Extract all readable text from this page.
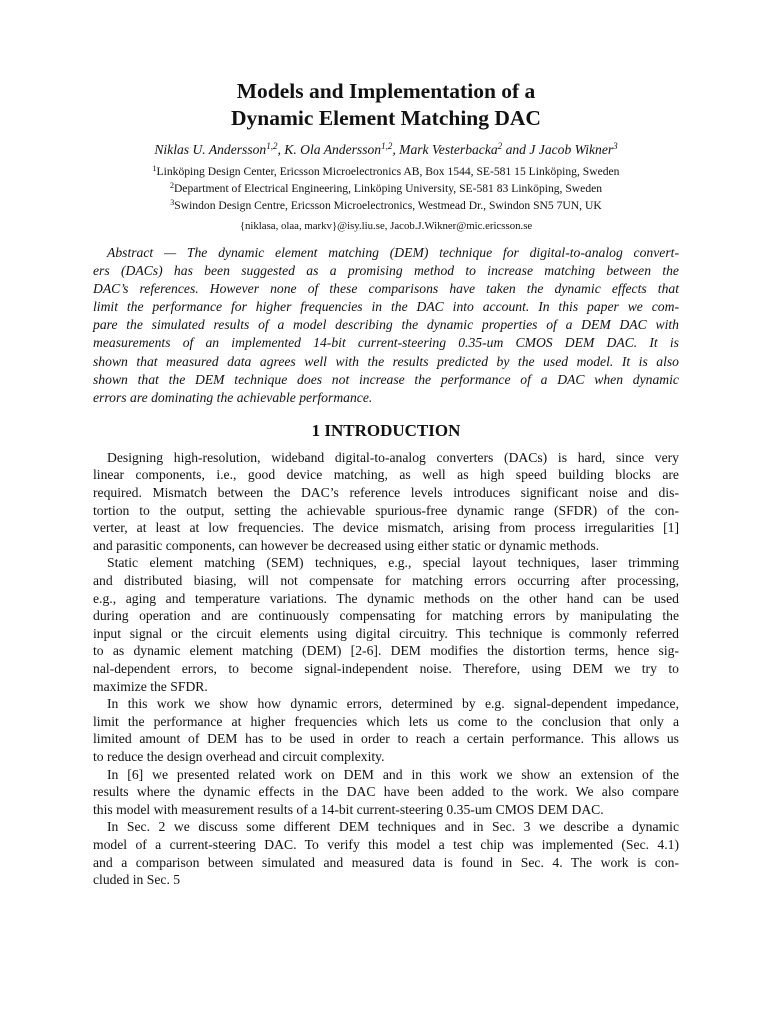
Models and Implementation of a
Dynamic Element Matching DAC
Niklas U. Andersson$^{1,2}$, K. Ola Andersson$^{1,2}$, Mark Vesterbacka$^2$ and J Jacob Wikner$^3$
$^1$Linköping Design Center, Ericsson Microelectronics AB, Box 1544, SE-581 15 Linköping, Sweden
$^2$Department of Electrical Engineering, Linköping University, SE-581 83 Linköping, Sweden
$^3$Swindon Design Centre, Ericsson Microelectronics, Westmead Dr., Swindon SN5 7UN, UK
{niklasa, olaa, markv}@isy.liu.se, Jacob.J.Wikner@mic.ericsson.se
Abstract — The dynamic element matching (DEM) technique for digital-to-analog convert-
ers (DACs) has been suggested as a promising method to increase matching between the
DAC’s references. However none of these comparisons have taken the dynamic effects that
limit the performance for higher frequencies in the DAC into account. In this paper we com-
pare the simulated results of a model describing the dynamic properties of a DEM DAC with
measurements of an implemented 14-bit current-steering 0.35-um CMOS DEM DAC. It is
shown that measured data agrees well with the results predicted by the used model. It is also
shown that the DEM technique does not increase the performance of a DAC when dynamic
errors are dominating the achievable performance.
1 INTRODUCTION
Designing high-resolution, wideband digital-to-analog converters (DACs) is hard, since very
linear components, i.e., good device matching, as well as high speed building blocks are
required. Mismatch between the DAC’s reference levels introduces significant noise and dis-
tortion to the output, setting the achievable spurious-free dynamic range (SFDR) of the con-
verter, at least at low frequencies. The device mismatch, arising from process irregularities [1]
and parasitic components, can however be decreased using either static or dynamic methods.
Static element matching (SEM) techniques, e.g., special layout techniques, laser trimming
and distributed biasing, will not compensate for matching errors occurring after processing,
e.g., aging and temperature variations. The dynamic methods on the other hand can be used
during operation and are continuously compensating for matching errors by manipulating the
input signal or the circuit elements using digital circuitry. This technique is commonly referred
to as dynamic element matching (DEM) [2-6]. DEM modifies the distortion terms, hence sig-
nal-dependent errors, to become signal-independent noise. Therefore, using DEM we try to
maximize the SFDR.
In this work we show how dynamic errors, determined by e.g. signal-dependent impedance,
limit the performance at higher frequencies which lets us come to the conclusion that only a
limited amount of DEM has to be used in order to reach a certain performance. This allows us
to reduce the design overhead and circuit complexity.
In [6] we presented related work on DEM and in this work we show an extension of the
results where the dynamic effects in the DAC have been added to the work. We also compare
this model with measurement results of a 14-bit current-steering 0.35-um CMOS DEM DAC.
In Sec. 2 we discuss some different DEM techniques and in Sec. 3 we describe a dynamic
model of a current-steering DAC. To verify this model a test chip was implemented (Sec. 4.1)
and a comparison between simulated and measured data is found in Sec. 4. The work is con-
cluded in Sec. 5
